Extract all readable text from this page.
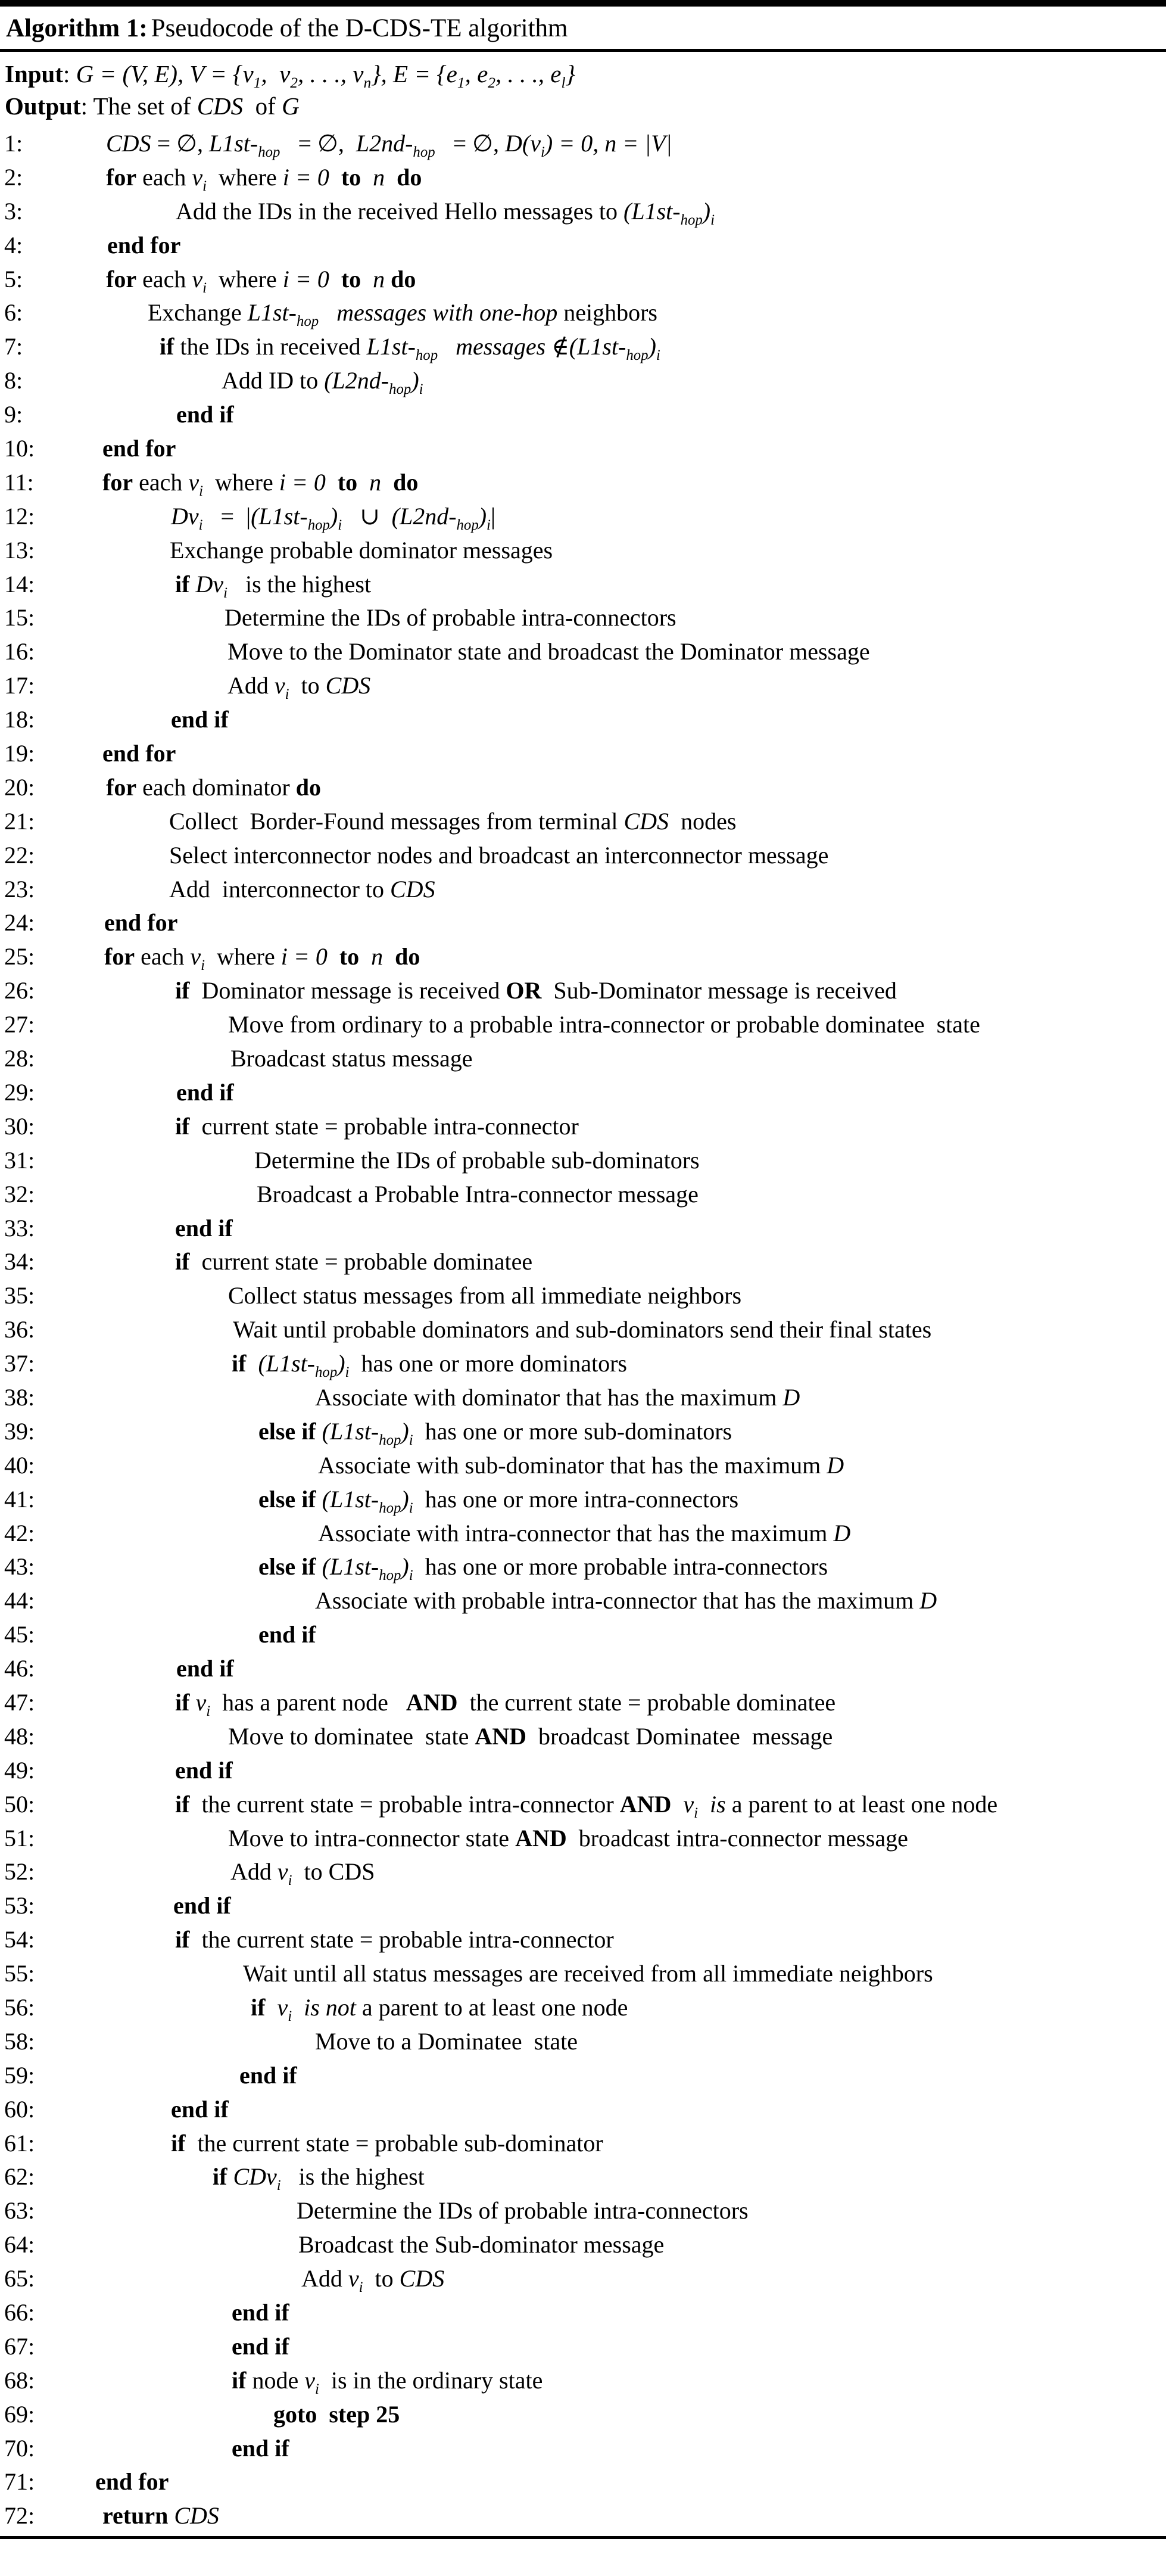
Algorithm 1: Pseudocode of the D-CDS-TE algorithm
Input: G = (V, E), $V = \{v_1$,  $v_2$, . . ., $v_n$}, $E = \{e_1$, $e_2$, . . ., $e_l$}
Output: The set of CDS  of G
1:	CDS = ∅, $L1st-_{hop}$   = ∅,  $L2nd-_{hop}$   = ∅, $D(v_i) = 0$, n = |V|
2:	for each $v_i$  where i = 0 to n do
3:	Add the IDs in the received Hello messages to $(L1st-_{hop})_i$
4:	end for
5:	for each $v_i$  where i = 0 to n do
6:	Exchange $L1st-_{hop}$   messages with one-hop neighbors
7:	if the IDs in received $L1st-_{hop}$   messages $\notin(L1st-_{hop})_i$
8:	Add ID to $(L2nd-_{hop})_i$
9:	end if
10:	end for
11:	for each $v_i$  where i = 0 to n do
12:	$Dv_i = |(L1st-_{hop})_i$   ∪  $(L2nd-_{hop})_i|$
13:	Exchange probable dominator messages
14:	if $Dv_i$   is the highest
15:	Determine the IDs of probable intra-connectors
16:	Move to the Dominator state and broadcast the Dominator message
17:	Add $v_i$  to CDS
18:	end if
19:	end for
20:	for each dominator do
21:	Collect  Border-Found messages from terminal CDS  nodes
22:	Select interconnector nodes and broadcast an interconnector message
23:	Add  interconnector to CDS
24:	end for
25:	for each $v_i$  where i = 0 to n do
26:	if  Dominator message is received OR  Sub-Dominator message is received
27:	Move from ordinary to a probable intra-connector or probable dominatee  state
28:	Broadcast status message
29:	end if
30:	if  current state = probable intra-connector
31:	Determine the IDs of probable sub-dominators
32:	Broadcast a Probable Intra-connector message
33:	end if
34:	if  current state = probable dominatee
35:	Collect status messages from all immediate neighbors
36:	Wait until probable dominators and sub-dominators send their final states
37:	if $(L1st-_{hop})_i$  has one or more dominators
38:	Associate with dominator that has the maximum D
39:	else if $(L1st-_{hop})_i$  has one or more sub-dominators
40:	Associate with sub-dominator that has the maximum D
41:	else if $(L1st-_{hop})_i$  has one or more intra-connectors
42:	Associate with intra-connector that has the maximum D
43:	else if $(L1st-_{hop})_i$  has one or more probable intra-connectors
44:	Associate with probable intra-connector that has the maximum D
45:	end if
46:	end if
47:	if $v_i$  has a parent node   AND  the current state = probable dominatee
48:	Move to dominatee  state AND  broadcast Dominatee  message
49:	end if
50:	if  the current state = probable intra-connector AND $v_i$  is a parent to at least one node
51:	Move to intra-connector state AND  broadcast intra-connector message
52:	Add $v_i$  to CDS
53:	end if
54:	if  the current state = probable intra-connector
55:	Wait until all status messages are received from all immediate neighbors
56:	if $v_i$  is not a parent to at least one node
58:	Move to a Dominatee  state
59:	end if
60:	end if
61:	if  the current state = probable sub-dominator
62:	if CDv$_i$   is the highest
63:	Determine the IDs of probable intra-connectors
64:	Broadcast the Sub-dominator message
65:	Add $v_i$  to CDS
66:	end if
67:	end if
68:	if node $v_i$  is in the ordinary state
69:	goto  step 25
70:	end if
71:	end for
72:	return CDS
